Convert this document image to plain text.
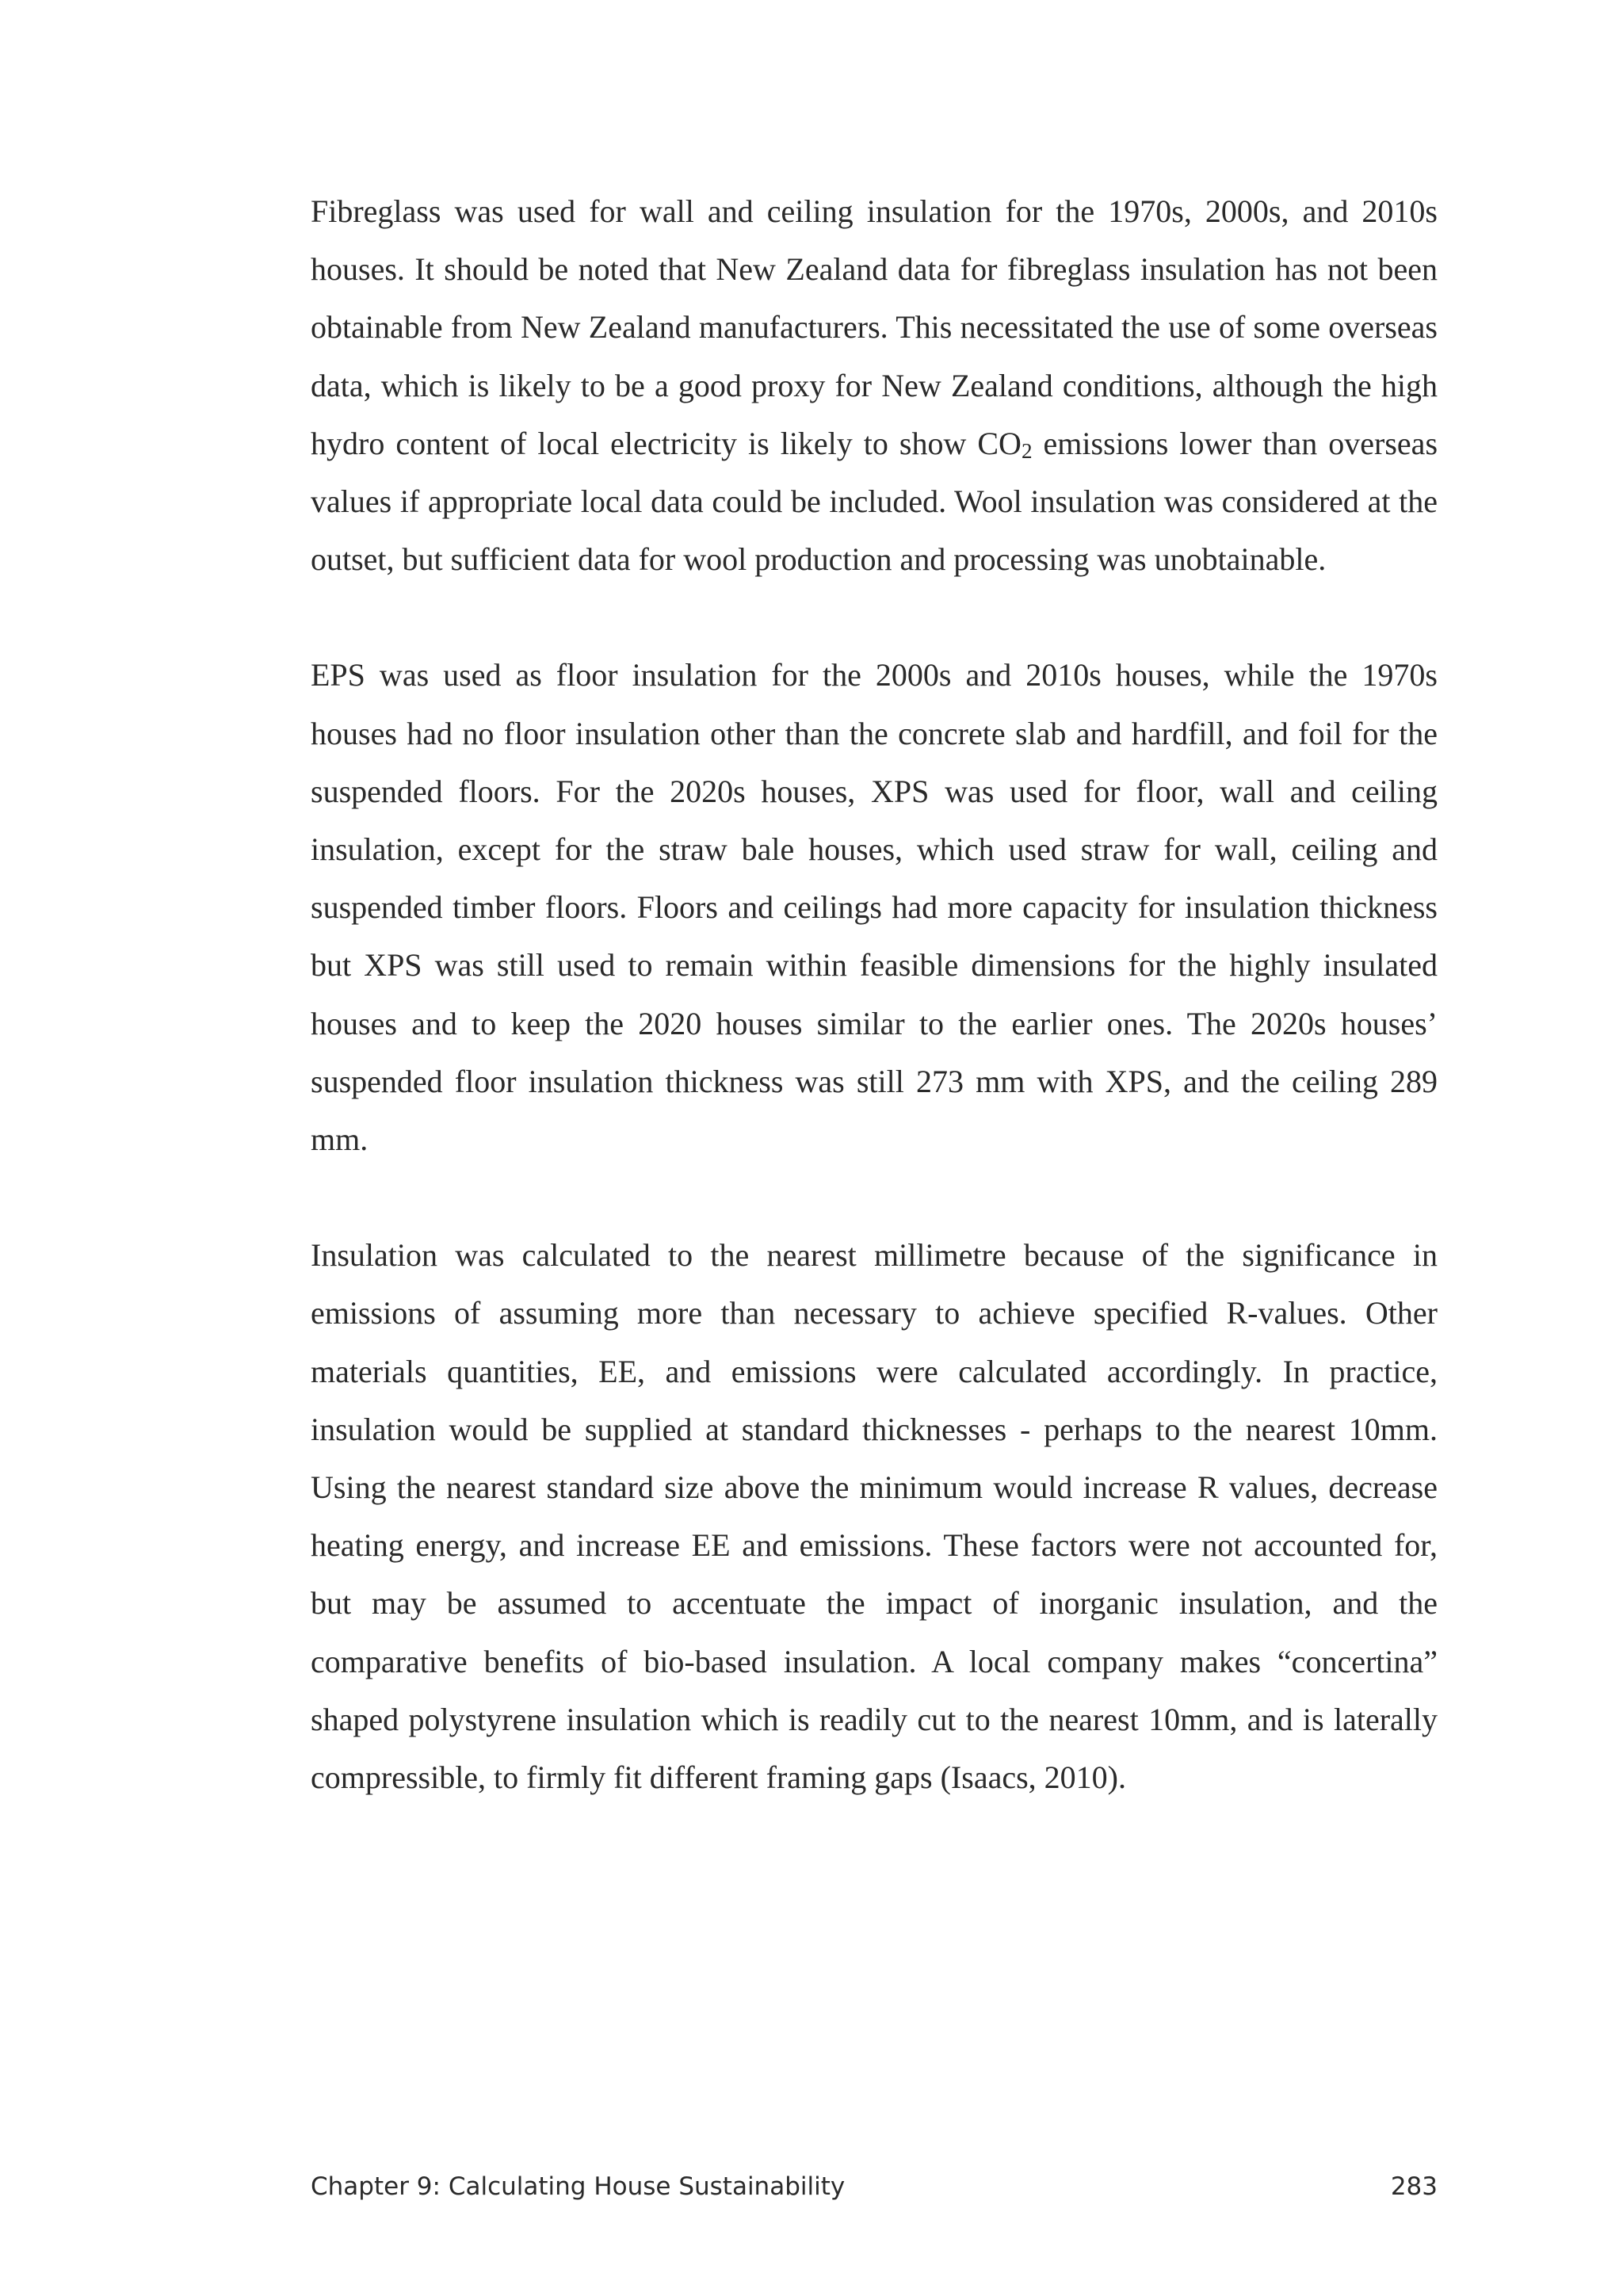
Fibreglass was used for wall and ceiling insulation for the 1970s, 2000s, and 2010s houses. It should be noted that New Zealand data for fibreglass insulation has not been obtainable from New Zealand manufacturers. This necessitated the use of some overseas data, which is likely to be a good proxy for New Zealand conditions, although the high hydro content of local electricity is likely to show $CO_2$ emissions lower than overseas values if appropriate local data could be included. Wool insulation was considered at the outset, but sufficient data for wool production and processing was unobtainable.

EPS was used as floor insulation for the 2000s and 2010s houses, while the 1970s houses had no floor insulation other than the concrete slab and hardfill, and foil for the suspended floors. For the 2020s houses, XPS was used for floor, wall and ceiling insulation, except for the straw bale houses, which used straw for wall, ceiling and suspended timber floors. Floors and ceilings had more capacity for insulation thickness but XPS was still used to remain within feasible dimensions for the highly insulated houses and to keep the 2020 houses similar to the earlier ones. The 2020s houses’ suspended floor insulation thickness was still 273 mm with XPS, and the ceiling 289 mm.

Insulation was calculated to the nearest millimetre because of the significance in emissions of assuming more than necessary to achieve specified R-values. Other materials quantities, EE, and emissions were calculated accordingly. In practice, insulation would be supplied at standard thicknesses - perhaps to the nearest 10mm. Using the nearest standard size above the minimum would increase R values, decrease heating energy, and increase EE and emissions. These factors were not accounted for, but may be assumed to accentuate the impact of inorganic insulation, and the comparative benefits of bio-based insulation. A local company makes “concertina” shaped polystyrene insulation which is readily cut to the nearest 10mm, and is laterally compressible, to firmly fit different framing gaps (Isaacs, 2010).

Chapter 9: Calculating House Sustainability	283
